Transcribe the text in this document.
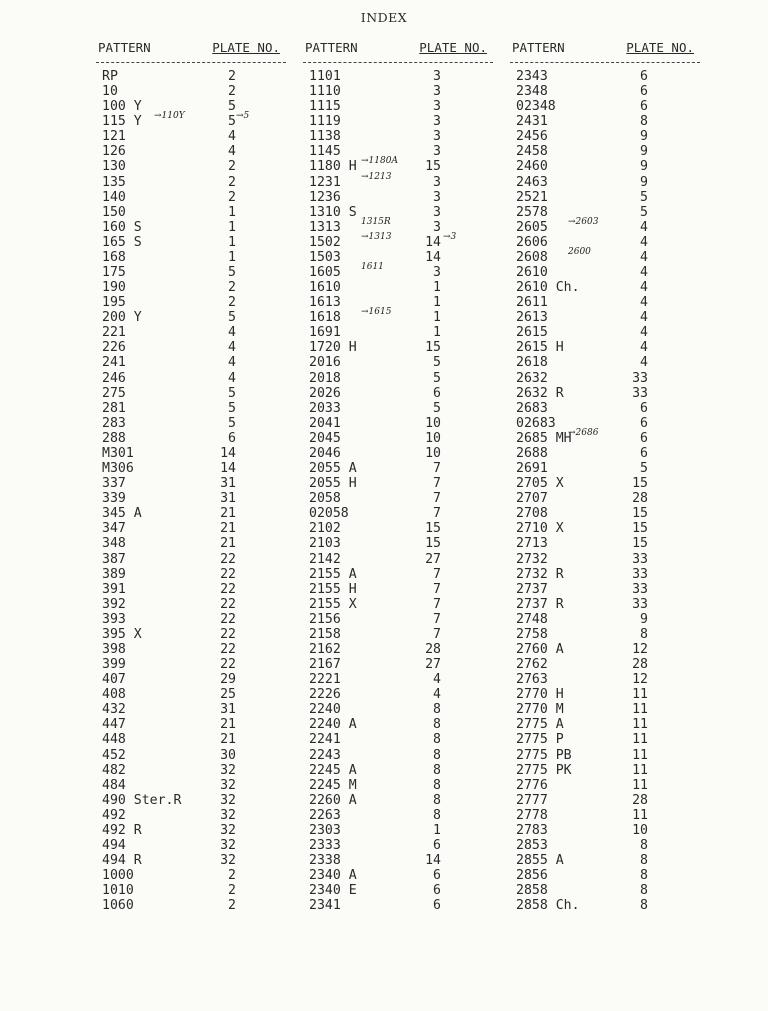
INDEX
PATTERN	PLATE NO.
RP	2
10	2
100 Y	5
115 Y	5
121	4
126	4
130	2
135	2
140	2
150	1
160 S	1
165 S	1
168	1
175	5
190	2
195	2
200 Y	5
221	4
226	4
241	4
246	4
275	5
281	5
283	5
288	6
M301	14
M306	14
337	31
339	31
345 A	21
347	21
348	21
387	22
389	22
391	22
392	22
393	22
395 X	22
398	22
399	22
407	29
408	25
432	31
447	21
448	21
452	30
482	32
484	32
490 Ster.R	32
492	32
492 R	32
494	32
494 R	32
1000	2
1010	2
1060	2
→110Y	→5
PATTERN	PLATE NO.
1101	3
1110	3
1115	3
1119	3
1138	3
1145	3
1180 H	15
1231	3
1236	3
1310 S	3
1313	3
1502	14
1503	14
1605	3
1610	1
1613	1
1618	1
1691	1
1720 H	15
2016	5
2018	5
2026	6
2033	5
2041	10
2045	10
2046	10
2055 A	7
2055 H	7
2058	7
02058	7
2102	15
2103	15
2142	27
2155 A	7
2155 H	7
2155 X	7
2156	7
2158	7
2162	28
2167	27
2221	4
2226	4
2240	8
2240 A	8
2241	8
2243	8
2245 A	8
2245 M	8
2260 A	8
2263	8
2303	1
2333	6
2338	14
2340 A	6
2340 E	6
2341	6
→1180A
→1213
1315R
→1313	→3
1611
→1615
PATTERN	PLATE NO.
2343	6
2348	6
02348	6
2431	8
2456	9
2458	9
2460	9
2463	9
2521	5
2578	5
2605	4
2606	4
2608	4
2610	4
2610 Ch.	4
2611	4
2613	4
2615	4
2615 H	4
2618	4
2632	33
2632 R	33
2683	6
02683	6
2685 MH	6
2688	6
2691	5
2705 X	15
2707	28
2708	15
2710 X	15
2713	15
2732	33
2732 R	33
2737	33
2737 R	33
2748	9
2758	8
2760 A	12
2762	28
2763	12
2770 H	11
2770 M	11
2775 A	11
2775 P	11
2775 PB	11
2775 PK	11
2776	11
2777	28
2778	11
2783	10
2853	8
2855 A	8
2856	8
2858	8
2858 Ch.	8
→2603
2600
→2686
